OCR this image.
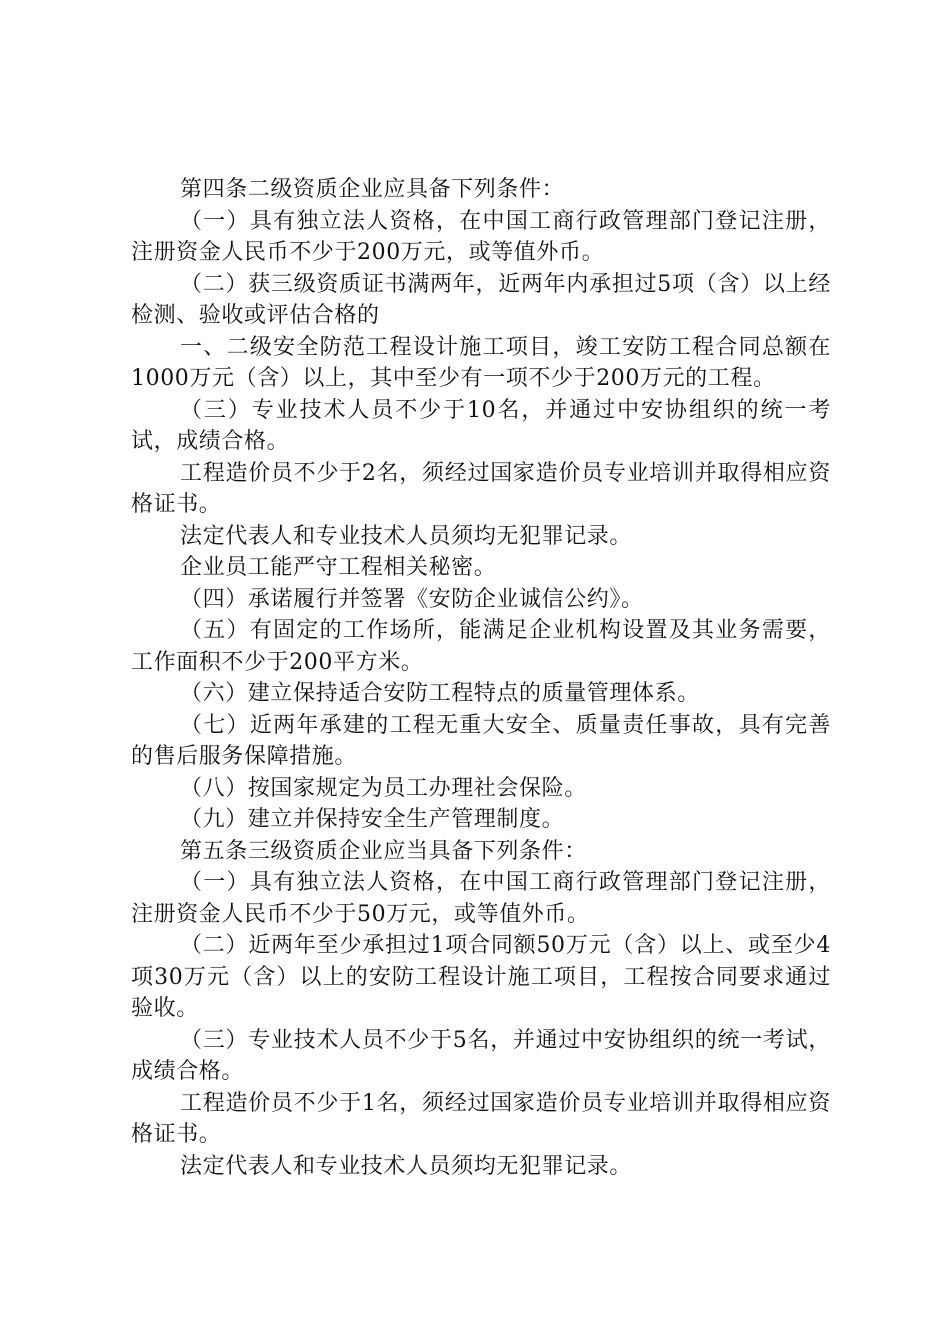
第四条二级资质企业应具备下列条件：

（一）具有独立法人资格，在中国工商行政管理部门登记注册，注册资金人民币不少于200万元，或等值外币。

（二）获三级资质证书满两年，近两年内承担过5项（含）以上经检测、验收或评估合格的

一、二级安全防范工程设计施工项目，竣工安防工程合同总额在1000万元（含）以上，其中至少有一项不少于200万元的工程。

（三）专业技术人员不少于10名，并通过中安协组织的统一考试，成绩合格。

工程造价员不少于2名，须经过国家造价员专业培训并取得相应资格证书。

法定代表人和专业技术人员须均无犯罪记录。

企业员工能严守工程相关秘密。

（四）承诺履行并签署《安防企业诚信公约》。

（五）有固定的工作场所，能满足企业机构设置及其业务需要，工作面积不少于200平方米。

（六）建立保持适合安防工程特点的质量管理体系。

（七）近两年承建的工程无重大安全、质量责任事故，具有完善的售后服务保障措施。

（八）按国家规定为员工办理社会保险。

（九）建立并保持安全生产管理制度。

第五条三级资质企业应当具备下列条件：

（一）具有独立法人资格，在中国工商行政管理部门登记注册，注册资金人民币不少于50万元，或等值外币。

（二）近两年至少承担过1项合同额50万元（含）以上、或至少4项30万元（含）以上的安防工程设计施工项目，工程按合同要求通过验收。

（三）专业技术人员不少于5名，并通过中安协组织的统一考试，成绩合格。

工程造价员不少于1名，须经过国家造价员专业培训并取得相应资格证书。

法定代表人和专业技术人员须均无犯罪记录。
